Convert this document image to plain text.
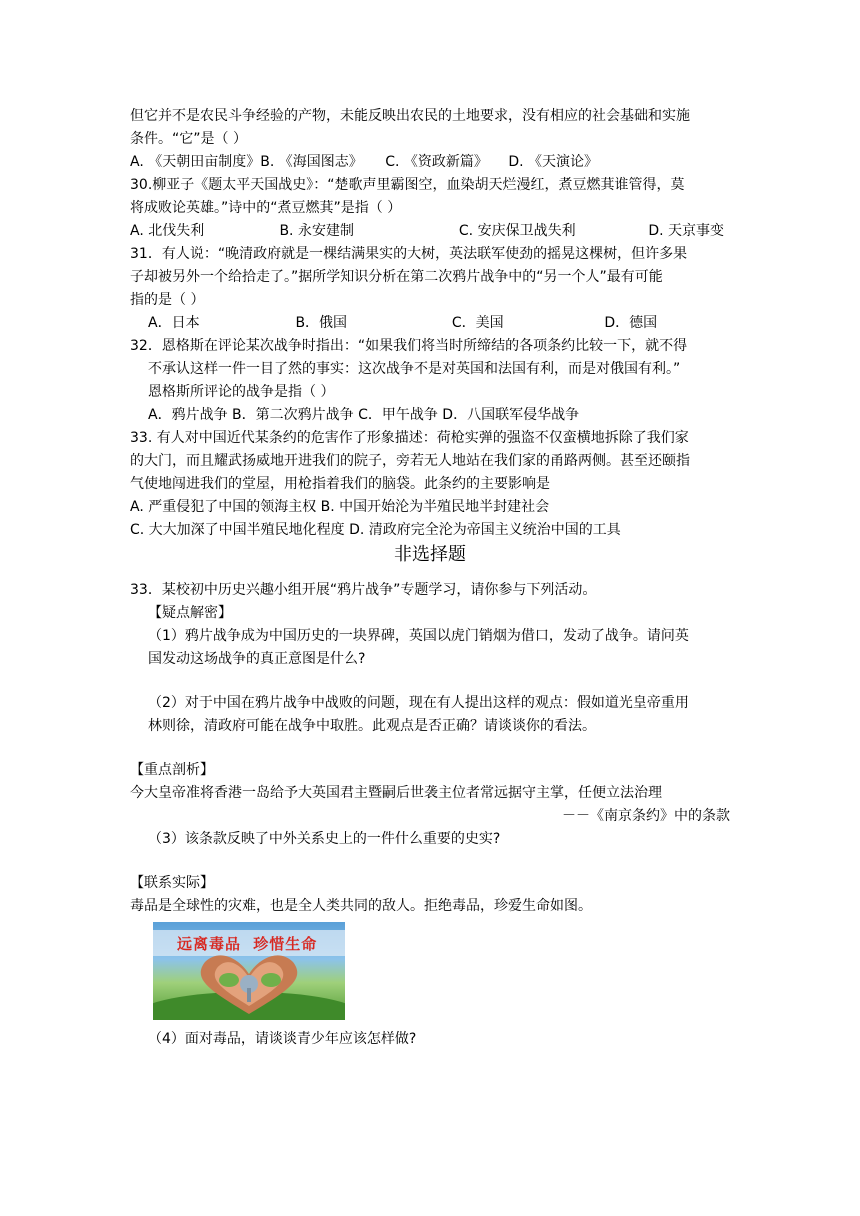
但它并不是农民斗争经验的产物，未能反映出农民的土地要求，没有相应的社会基础和实施
条件。“它”是（ ）
A. 《天朝田亩制度》B. 《海国图志》 C. 《资政新篇》 D. 《天演论》
30.柳亚子《题太平天国战史》：“楚歌声里霸图空，血染胡天烂漫红，煮豆燃萁谁管得，莫
将成败论英雄。”诗中的“煮豆燃萁”是指（ ）
A. 北伐失利	B. 永安建制	C. 安庆保卫战失利	D. 天京事变
31．有人说：“晚清政府就是一棵结满果实的大树，英法联军使劲的摇晃这棵树，但许多果
子却被另外一个给拾走了。”据所学知识分析在第二次鸦片战争中的“另一个人”最有可能
指的是（ ）
A．日本	B．俄国	C．美国	D．德国
32．恩格斯在评论某次战争时指出：“如果我们将当时所缔结的各项条约比较一下，就不得
不承认这样一件一目了然的事实：这次战争不是对英国和法国有利，而是对俄国有利。”
恩格斯所评论的战争是指（ ）
A．鸦片战争 B．第二次鸦片战争 C．甲午战争 D．八国联军侵华战争
33. 有人对中国近代某条约的危害作了形象描述：荷枪实弹的强盗不仅蛮横地拆除了我们家
的大门，而且耀武扬威地开进我们的院子，旁若无人地站在我们家的甬路两侧。甚至还颐指
气使地闯进我们的堂屋，用枪指着我们的脑袋。此条约的主要影响是
A. 严重侵犯了中国的领海主权 B. 中国开始沦为半殖民地半封建社会
C. 大大加深了中国半殖民地化程度 D. 清政府完全沦为帝国主义统治中国的工具
非选择题
33．某校初中历史兴趣小组开展“鸦片战争”专题学习，请你参与下列活动。
【疑点解密】
（1）鸦片战争成为中国历史的一块界碑，英国以虎门销烟为借口，发动了战争。请问英
国发动这场战争的真正意图是什么?
（2）对于中国在鸦片战争中战败的问题，现在有人提出这样的观点：假如道光皇帝重用
林则徐，清政府可能在战争中取胜。此观点是否正确？请谈谈你的看法。
【重点剖析】
今大皇帝准将香港一岛给予大英国君主暨嗣后世袭主位者常远据守主掌，任便立法治理
－－《南京条约》中的条款
（3）该条款反映了中外关系史上的一件什么重要的史实?
【联系实际】
毒品是全球性的灾难，也是全人类共同的敌人。拒绝毒品，珍爱生命如图。
远离毒品 珍惜生命
（4）面对毒品，请谈谈青少年应该怎样做?
